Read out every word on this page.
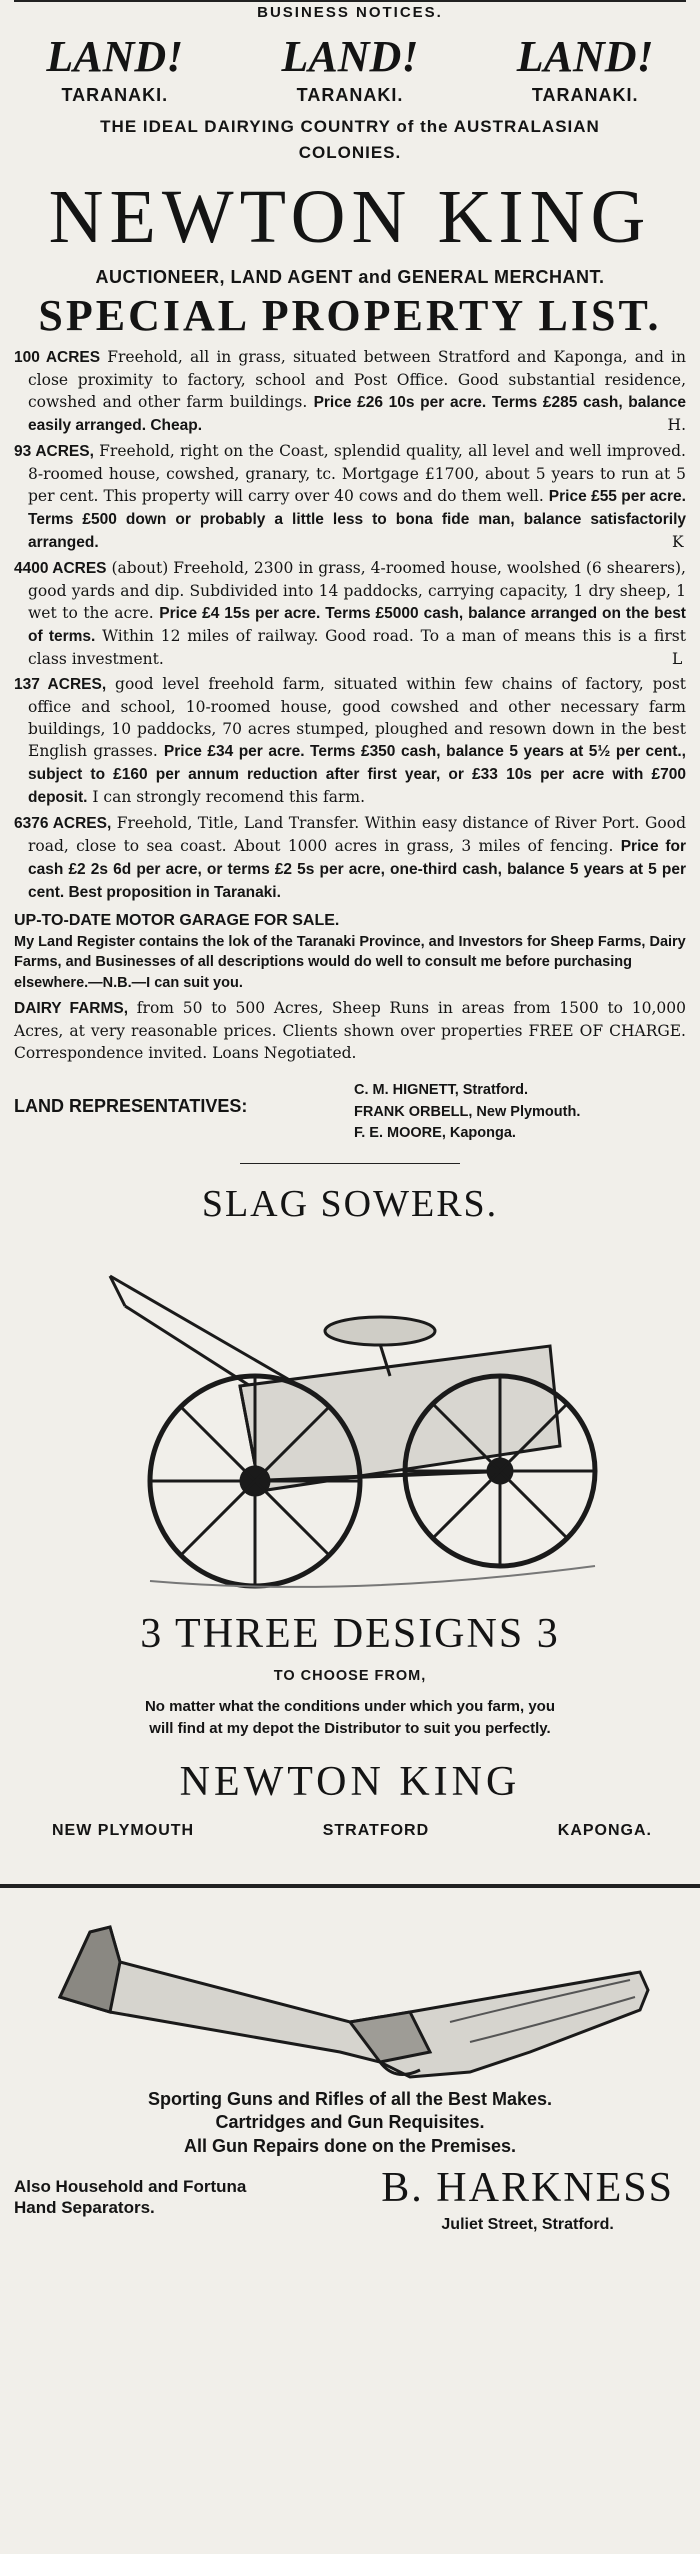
BUSINESS NOTICES.
LAND!
TARANAKI.
LAND!
TARANAKI.
LAND!
TARANAKI.
THE IDEAL DAIRYING COUNTRY of the AUSTRALASIAN
COLONIES.
NEWTON KING
AUCTIONEER, LAND AGENT and GENERAL MERCHANT.
SPECIAL PROPERTY LIST.

100 ACRES Freehold, all in grass, situated between Stratford and Kaponga, and in close proximity to factory, school and Post Office. Good substantial residence, cowshed and other farm buildings. Price £26 10s per acre. Terms £285 cash, balance easily arranged. Cheap.	H.

93 ACRES, Freehold, right on the Coast, splendid quality, all level and well improved. 8-roomed house, cowshed, granary, tc. Mortgage £1700, about 5 years to run at 5 per cent. This property will carry over 40 cows and do them well. Price £55 per acre. Terms £500 down or probably a little less to bona fide man, balance satisfactorily arranged.	K

4400 ACRES (about) Freehold, 2300 in grass, 4-roomed house, woolshed (6 shearers), good yards and dip. Subdivided into 14 paddocks, carrying capacity, 1 dry sheep, 1 wet to the acre. Price £4 15s per acre. Terms £5000 cash, balance arranged on the best of terms. Within 12 miles of railway. Good road. To a man of means this is a first class investment.	L

137 ACRES, good level freehold farm, situated within few chains of factory, post office and school, 10-roomed house, good cowshed and other necessary farm buildings, 10 paddocks, 70 acres stumped, ploughed and resown down in the best English grasses. Price £34 per acre. Terms £350 cash, balance 5 years at 5½ per cent., subject to £160 per annum reduction after first year, or £33 10s per acre with £700 deposit. I can strongly recomend this farm.

6376 ACRES, Freehold, Title, Land Transfer. Within easy distance of River Port. Good road, close to sea coast. About 1000 acres in grass, 3 miles of fencing. Price for cash £2 2s 6d per acre, or terms £2 5s per acre, one-third cash, balance 5 years at 5 per cent. Best proposition in Taranaki.

UP-TO-DATE MOTOR GARAGE FOR SALE.

My Land Register contains the lok of the Taranaki Province, and Investors for Sheep Farms, Dairy Farms, and Businesses of all descriptions would do well to consult me before purchasing elsewhere.—N.B.—I can suit you.

DAIRY FARMS, from 50 to 500 Acres, Sheep Runs in areas from 1500 to 10,000 Acres, at very reasonable prices. Clients shown over properties FREE OF CHARGE. Correspondence invited. Loans Negotiated.

LAND REPRESENTATIVES:
C. M. HIGNETT, Stratford.
FRANK ORBELL, New Plymouth.
F. E. MOORE, Kaponga.
SLAG SOWERS.
3 THREE DESIGNS 3
TO CHOOSE FROM,
No matter what the conditions under which you farm, you
will find at my depot the Distributor to suit you perfectly.
NEWTON KING
NEW PLYMOUTH	STRATFORD	KAPONGA.
Sporting Guns and Rifles of all the Best Makes.
Cartridges and Gun Requisites.
All Gun Repairs done on the Premises.
Also Household and Fortuna
Hand Separators.	B. HARKNESS
Juliet Street, Stratford.
